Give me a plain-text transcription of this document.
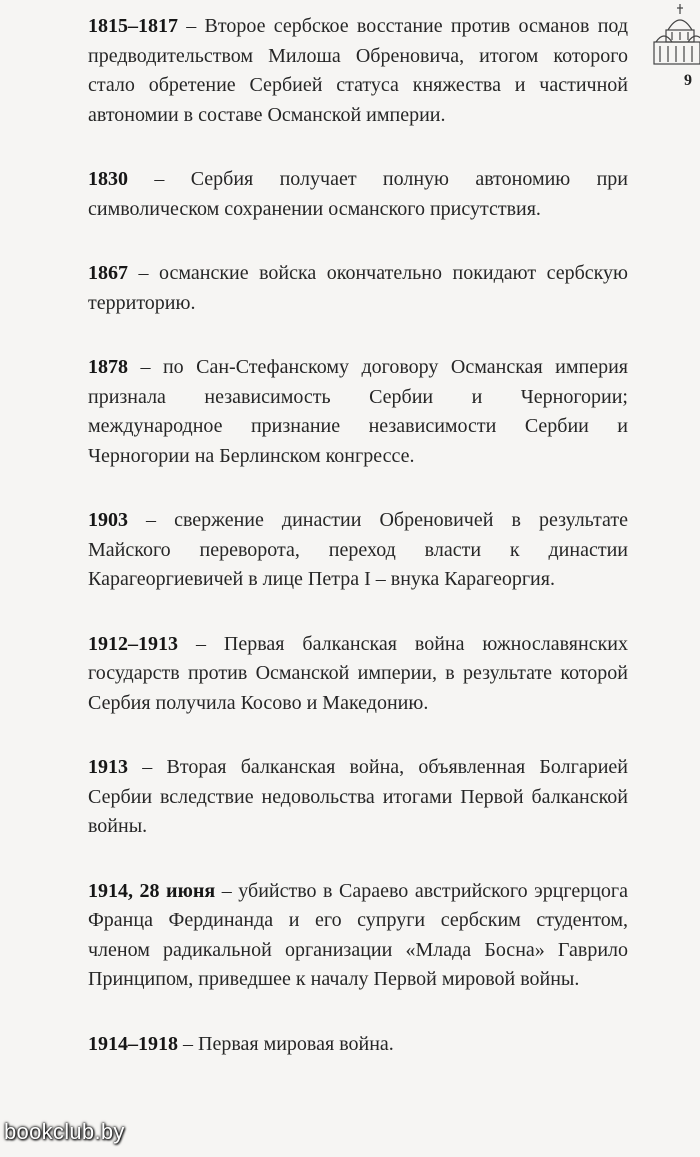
9

1815–1817 – Второе сербское восстание против османов под предводительством Милоша Обреновича, итогом которого стало обретение Сербией статуса княжества и частичной автономии в составе Османской империи.

1830 – Сербия получает полную автономию при символическом сохранении османского присутствия.

1867 – османские войска окончательно покидают сербскую территорию.

1878 – по Сан-Стефанскому договору Османская империя признала независимость Сербии и Черногории; международное признание независимости Сербии и Черногории на Берлинском конгрессе.

1903 – свержение династии Обреновичей в результате Майского переворота, переход власти к династии Карагеоргиевичей в лице Петра I – внука Карагеоргия.

1912–1913 – Первая балканская война южнославянских государств против Османской империи, в результате которой Сербия получила Косово и Македонию.

1913 – Вторая балканская война, объявленная Болгарией Сербии вследствие недовольства итогами Первой балканской войны.

1914, 28 июня – убийство в Сараево австрийского эрцгерцога Франца Фердинанда и его супруги сербским студентом, членом радикальной организации «Млада Босна» Гаврило Принципом, приведшее к началу Первой мировой войны.

1914–1918 – Первая мировая война.

bookclub.by
